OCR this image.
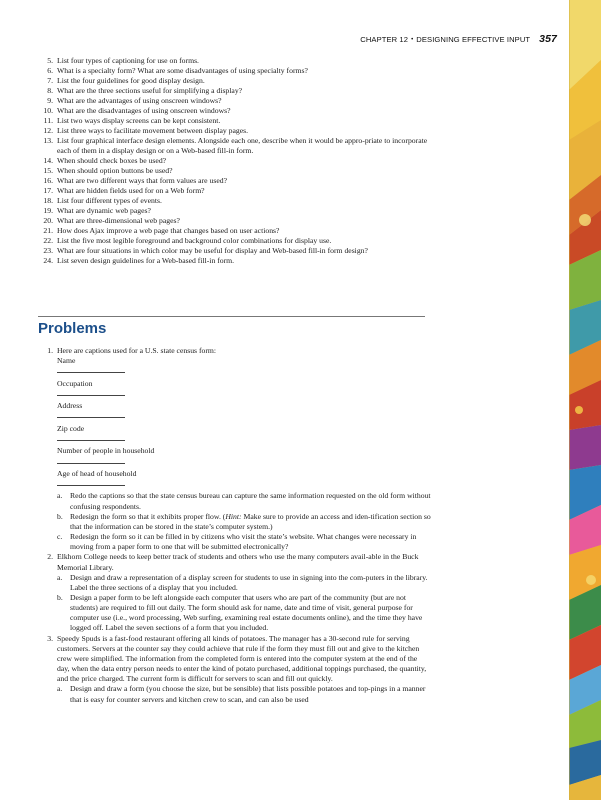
CHAPTER 12 • DESIGNING EFFECTIVE INPUT 357
5. List four types of captioning for use on forms.
6. What is a specialty form? What are some disadvantages of using specialty forms?
7. List the four guidelines for good display design.
8. What are the three sections useful for simplifying a display?
9. What are the advantages of using onscreen windows?
10. What are the disadvantages of using onscreen windows?
11. List two ways display screens can be kept consistent.
12. List three ways to facilitate movement between display pages.
13. List four graphical interface design elements. Alongside each one, describe when it would be appro-priate to incorporate each of them in a display design or on a Web-based fill-in form.
14. When should check boxes be used?
15. When should option buttons be used?
16. What are two different ways that form values are used?
17. What are hidden fields used for on a Web form?
18. List four different types of events.
19. What are dynamic web pages?
20. What are three-dimensional web pages?
21. How does Ajax improve a web page that changes based on user actions?
22. List the five most legible foreground and background color combinations for display use.
23. What are four situations in which color may be useful for display and Web-based fill-in form design?
24. List seven design guidelines for a Web-based fill-in form.
Problems
1. Here are captions used for a U.S. state census form:
Name
Occupation
Address
Zip code
Number of people in household
Age of head of household
a. Redo the captions so that the state census bureau can capture the same information requested on the old form without confusing respondents.
b. Redesign the form so that it exhibits proper flow. (Hint: Make sure to provide an access and iden-tification section so that the information can be stored in the state’s computer system.)
c. Redesign the form so it can be filled in by citizens who visit the state’s website. What changes were necessary in moving from a paper form to one that will be submitted electronically?
2. Elkhorn College needs to keep better track of students and others who use the many computers avail-able in the Buck Memorial Library.
a. Design and draw a representation of a display screen for students to use in signing into the com-puters in the library. Label the three sections of a display that you included.
b. Design a paper form to be left alongside each computer that users who are part of the community (but are not students) are required to fill out daily. The form should ask for name, date and time of visit, general purpose for computer use (i.e., word processing, Web surfing, examining real estate documents online), and the time they have logged off. Label the seven sections of a form that you included.
3. Speedy Spuds is a fast-food restaurant offering all kinds of potatoes. The manager has a 30-second rule for serving customers. Servers at the counter say they could achieve that rule if the form they must fill out and give to the kitchen crew were simplified. The information from the completed form is entered into the computer system at the end of the day, when the data entry person needs to enter the kind of potato purchased, additional toppings purchased, the quantity, and the price charged. The current form is difficult for servers to scan and fill out quickly.
a. Design and draw a form (you choose the size, but be sensible) that lists possible potatoes and top-pings in a manner that is easy for counter servers and kitchen crew to scan, and can also be used
